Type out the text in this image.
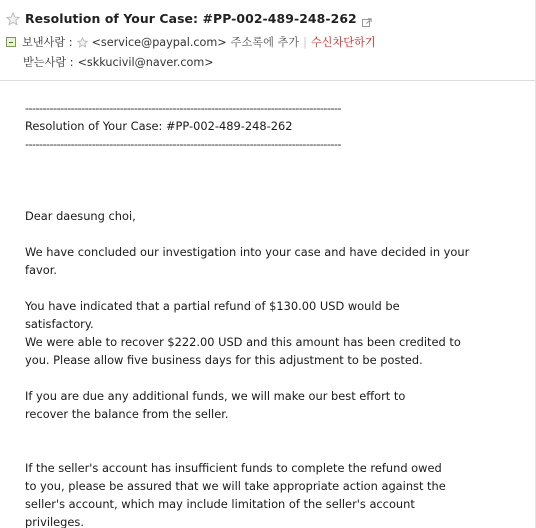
Resolution of Your Case: #PP-002-489-248-262
보낸사람 : <service@paypal.com> 주소록에 추가 | 수신차단하기
받는사람 : <skkucivil@naver.com>
------------------------------------------------------------------------------------------
Resolution of Your Case: #PP-002-489-248-262
------------------------------------------------------------------------------------------

Dear daesung choi,

We have concluded our investigation into your case and have decided in your

favor.

You have indicated that a partial refund of $130.00 USD would be

satisfactory.

We were able to recover $222.00 USD and this amount has been credited to

you. Please allow five business days for this adjustment to be posted.

If you are due any additional funds, we will make our best effort to

recover the balance from the seller.

If the seller's account has insufficient funds to complete the refund owed

to you, please be assured that we will take appropriate action against the

seller's account, which may include limitation of the seller's account

privileges.
